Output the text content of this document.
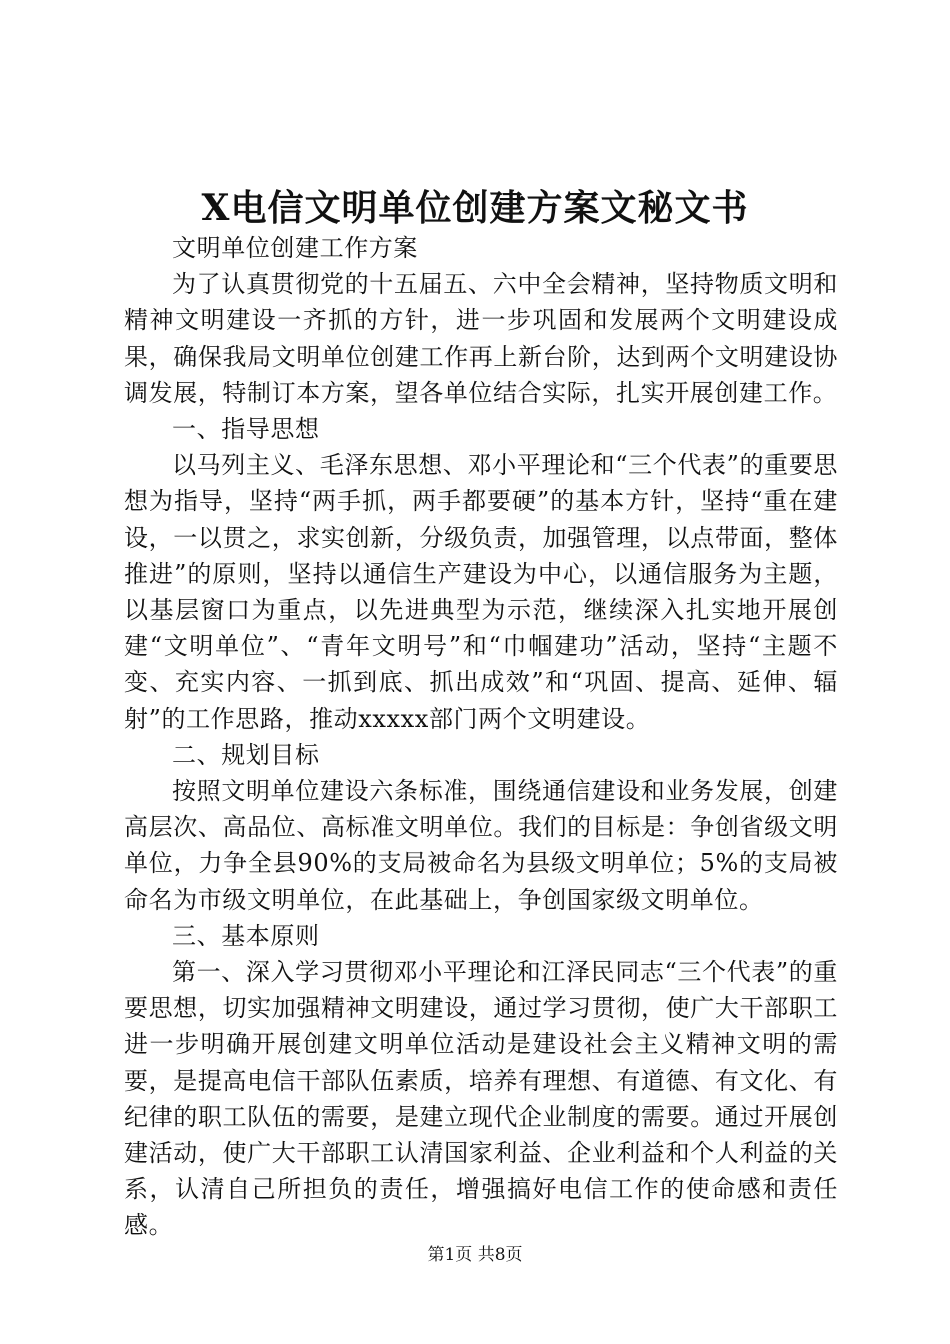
X电信文明单位创建方案文秘文书

文明单位创建工作方案

为了认真贯彻党的十五届五、六中全会精神，坚持物质文明和精神文明建设一齐抓的方针，进一步巩固和发展两个文明建设成果，确保我局文明单位创建工作再上新台阶，达到两个文明建设协调发展，特制订本方案，望各单位结合实际，扎实开展创建工作。

一、指导思想

以马列主义、毛泽东思想、邓小平理论和“三个代表”的重要思想为指导，坚持“两手抓，两手都要硬”的基本方针，坚持“重在建设，一以贯之，求实创新，分级负责，加强管理，以点带面，整体推进”的原则，坚持以通信生产建设为中心，以通信服务为主题，以基层窗口为重点，以先进典型为示范，继续深入扎实地开展创建“文明单位”、“青年文明号”和“巾帼建功”活动，坚持“主题不变、充实内容、一抓到底、抓出成效”和“巩固、提高、延伸、辐射”的工作思路，推动xxxxx部门两个文明建设。

二、规划目标

按照文明单位建设六条标准，围绕通信建设和业务发展，创建高层次、高品位、高标准文明单位。我们的目标是：争创省级文明单位，力争全县90%的支局被命名为县级文明单位；5%的支局被命名为市级文明单位，在此基础上，争创国家级文明单位。

三、基本原则

第一、深入学习贯彻邓小平理论和江泽民同志“三个代表”的重要思想，切实加强精神文明建设，通过学习贯彻，使广大干部职工进一步明确开展创建文明单位活动是建设社会主义精神文明的需要，是提高电信干部队伍素质，培养有理想、有道德、有文化、有纪律的职工队伍的需要，是建立现代企业制度的需要。通过开展创建活动，使广大干部职工认清国家利益、企业利益和个人利益的关系，认清自己所担负的责任，增强搞好电信工作的使命感和责任感。

第1页 共8页
